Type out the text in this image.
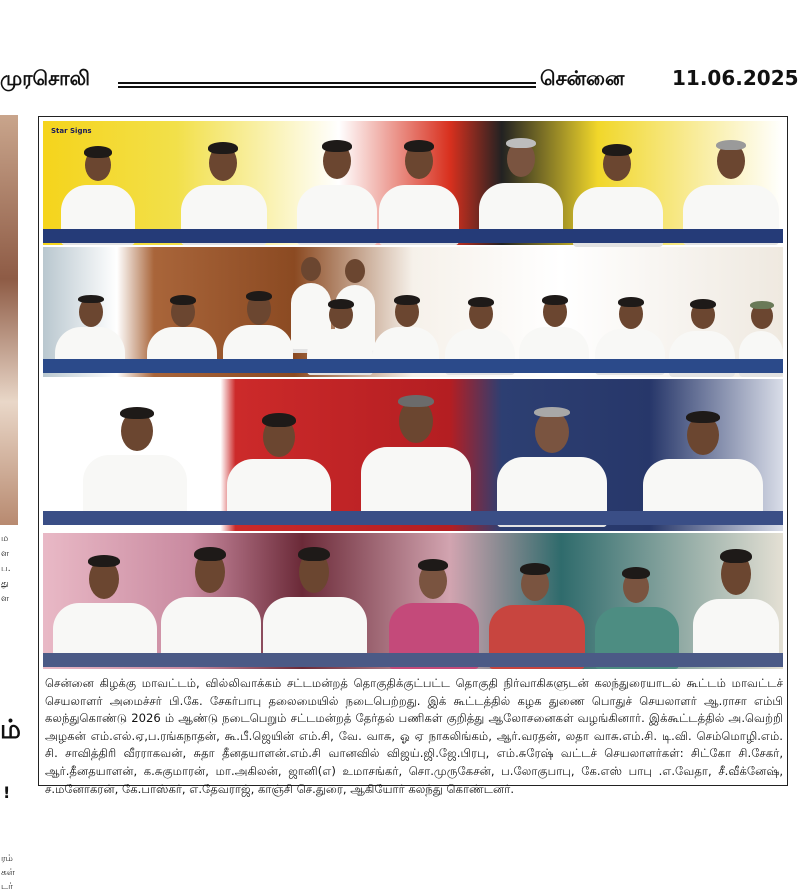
முரசொலி	சென்னை 11.06.2025
ம
ள
ப.
து
ள
ம்
!
ரம்
கள்
டர்
Star Signs
சென்னை கிழக்கு மாவட்டம், வில்லிவாக்கம் சட்டமன்றத் தொகுதிக்குட்பட்ட தொகுதி நிர்வாகிகளுடன் கலந்துரையாடல் கூட்டம் மாவட்டச் செயலாளர் அமைச்சர் பி.கே. சேகர்பாபு தலைமையில் நடைபெற்றது. இக் கூட்டத்தில் கழக துணை பொதுச் செயலாளர் ஆ.ராசா எம்பி கலந்துகொண்டு 2026 ம் ஆண்டு நடைபெறும் சட்டமன்றத் தேர்தல் பணிகள் குறித்து ஆலோசனைகள் வழங்கினார். இக்கூட்டத்தில் அ.வெற்றி அழகன் எம்.எல்.ஏ,ப.ரங்கநாதன், கூ.பீ.ஜெயின் எம்.சி, வே. வாசு, ஓ ஏ நாகலிங்கம், ஆர்.வரதன், லதா வாசு.எம்.சி. டி.வி. செம்மொழி.எம். சி. சாவித்திரி வீரராகவன், சுதா தீனதயாளன்.எம்.சி வானவில் விஜய்.ஜி.ஜே.பிரபு, எம்.சுரேஷ் வட்டச் செயலாளர்கள்: சிட்கோ சி.சேகர், ஆர்.தீனதயாளன், க.சுகுமாரன், மா.அகிலன், ஜானி(எ) உமாசங்கர், சொ.முருகேசன், ப.லோகுபாபு, கே.எஸ் பாபு .எ.வேதா, சீ.வீக்னேஷ், ச.மனோகரன், கே.பாஸ்கர், எ.தேவராஜ், காஞ்சி செ.துரை, ஆகியோர் கலந்து கொண்டனர்.
